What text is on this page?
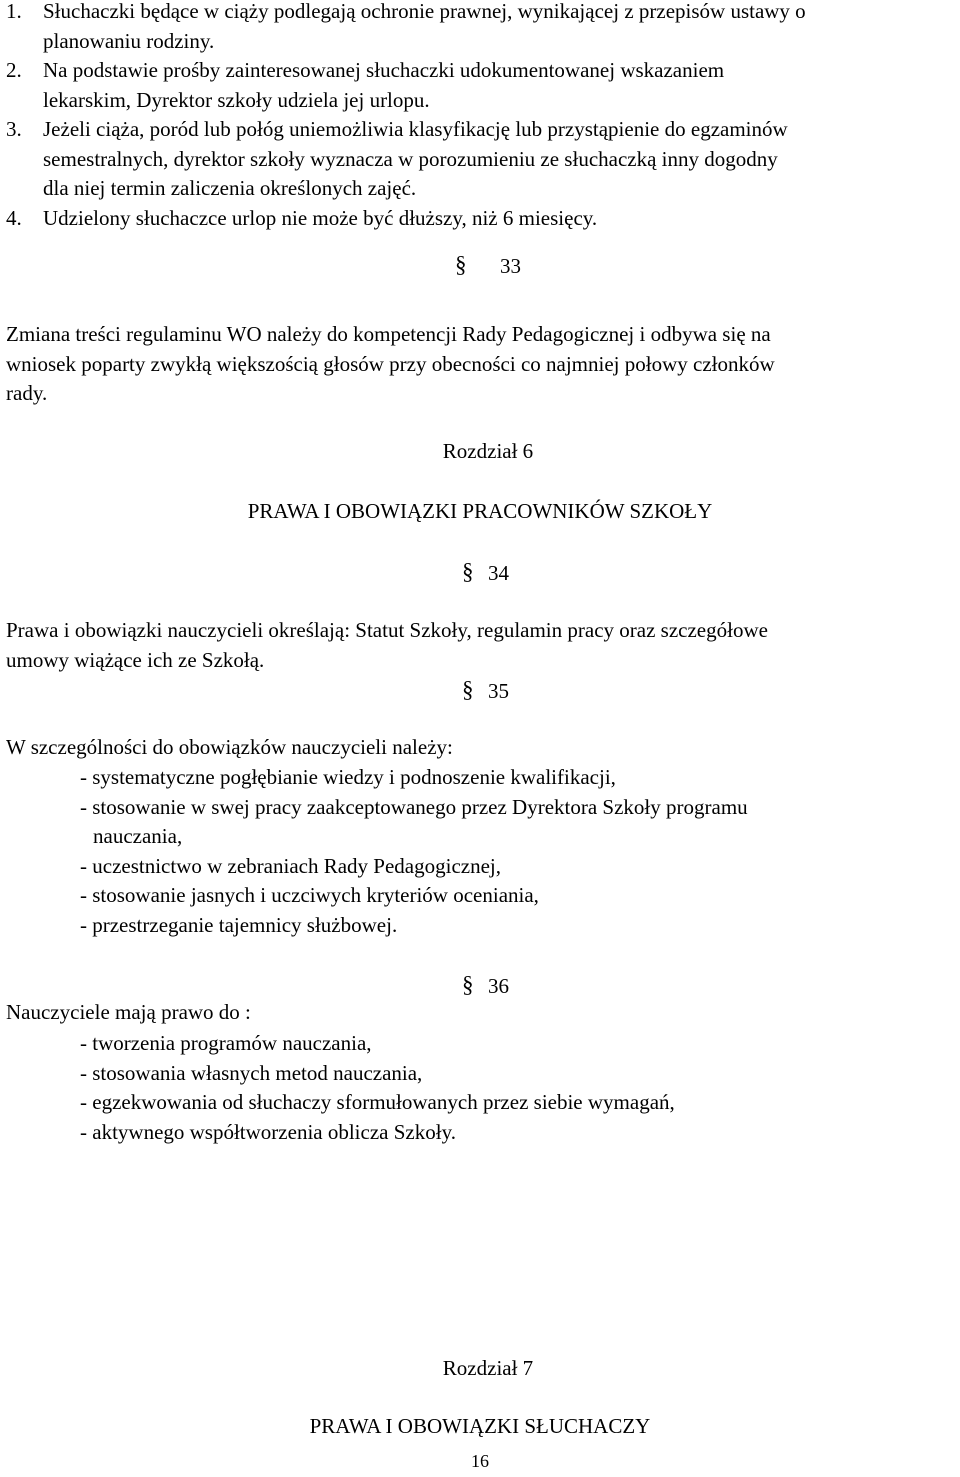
1.	Słuchaczki będące w ciąży podlegają ochronie prawnej, wynikającej z przepisów ustawy o
planowaniu rodziny.
2.	Na podstawie prośby zainteresowanej słuchaczki udokumentowanej wskazaniem
lekarskim, Dyrektor szkoły udziela jej urlopu.
3.	Jeżeli ciąża, poród lub połóg uniemożliwia klasyfikację lub przystąpienie do egzaminów
semestralnych, dyrektor szkoły wyznacza w porozumieniu ze słuchaczką inny dogodny
dla niej termin zaliczenia określonych zajęć.
4.	Udzielony słuchaczce urlop nie może być dłuższy, niż 6 miesięcy.
§ 33
Zmiana treści regulaminu WO należy do kompetencji Rady Pedagogicznej i odbywa się na
wniosek poparty zwykłą większością głosów przy obecności co najmniej połowy członków
rady.
Rozdział 6
PRAWA I OBOWIĄZKI PRACOWNIKÓW SZKOŁY
§ 34
Prawa i obowiązki nauczycieli określają: Statut Szkoły, regulamin pracy oraz szczegółowe
umowy wiążące ich ze Szkołą.
§ 35
W szczególności do obowiązków nauczycieli należy:
- systematyczne pogłębianie wiedzy i podnoszenie kwalifikacji,
- stosowanie w swej pracy zaakceptowanego przez Dyrektora Szkoły programu
nauczania,
- uczestnictwo w zebraniach Rady Pedagogicznej,
- stosowanie jasnych i uczciwych kryteriów oceniania,
- przestrzeganie tajemnicy służbowej.
§ 36
Nauczyciele mają prawo do :
- tworzenia programów nauczania,
- stosowania własnych metod nauczania,
- egzekwowania od słuchaczy sformułowanych przez siebie wymagań,
- aktywnego współtworzenia oblicza Szkoły.
Rozdział 7
PRAWA I OBOWIĄZKI SŁUCHACZY
16
